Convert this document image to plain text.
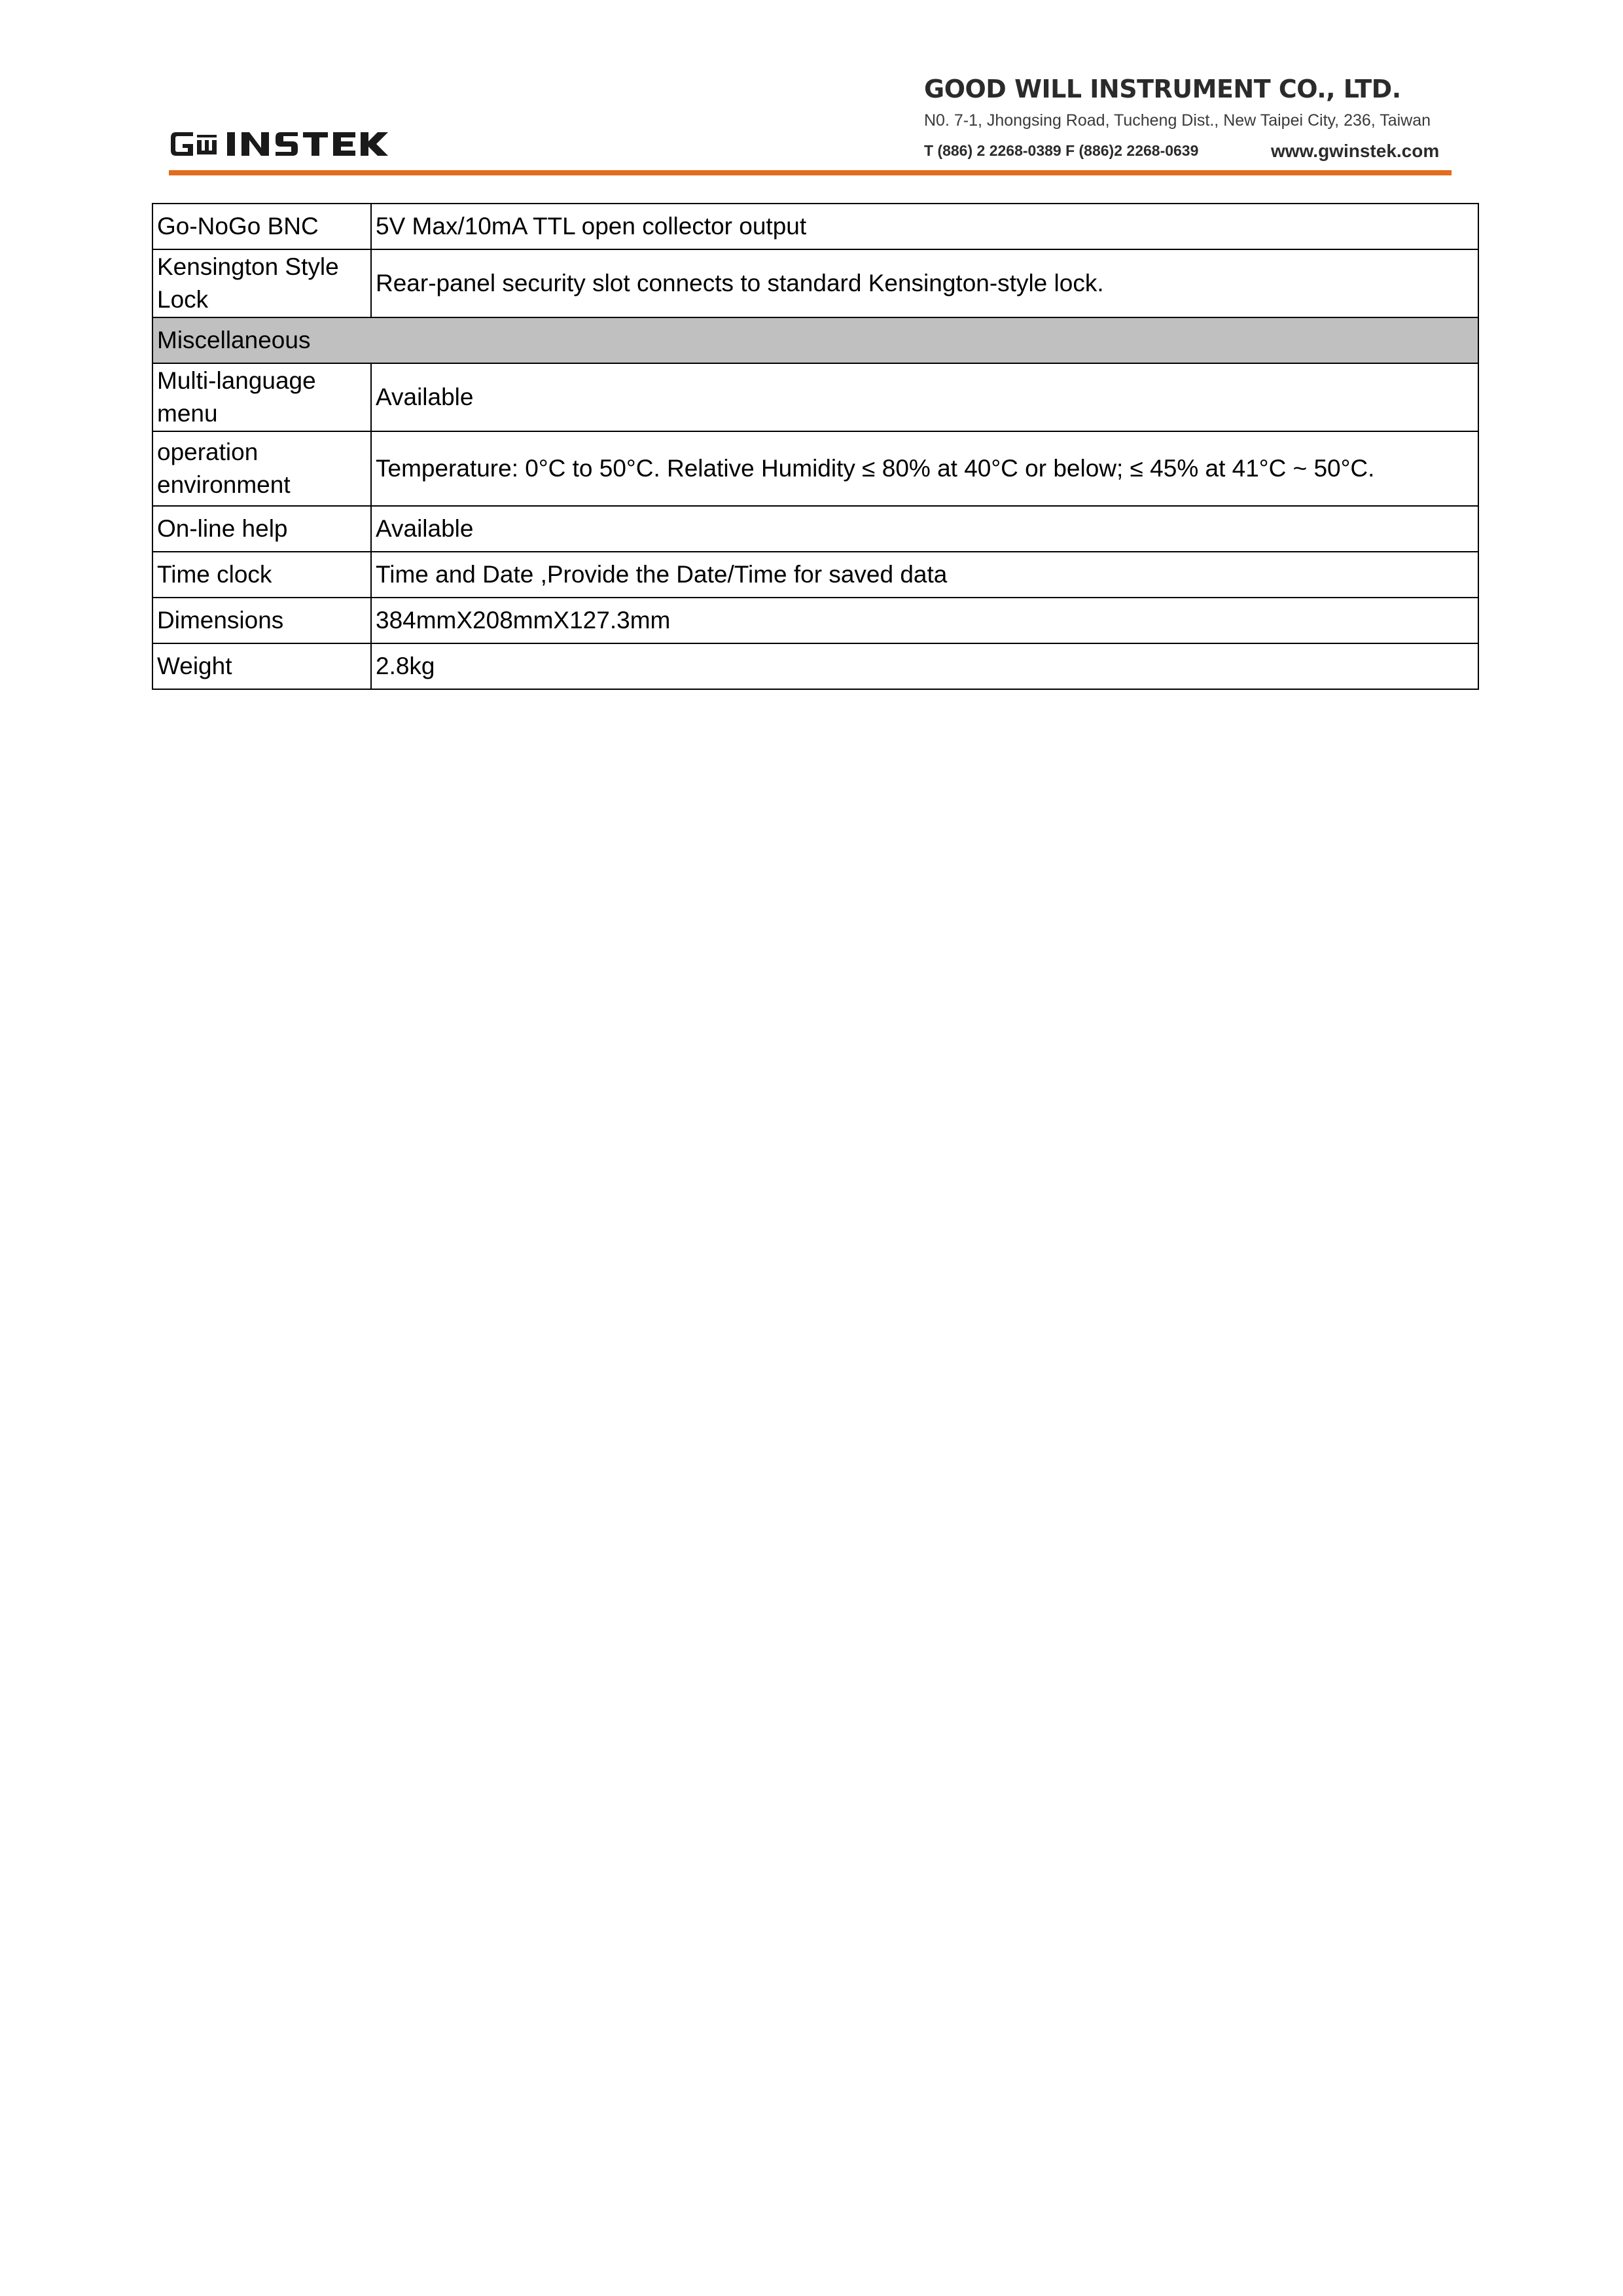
GOOD WILL INSTRUMENT CO., LTD.
N0. 7-1, Jhongsing Road, Tucheng Dist., New Taipei City, 236, Taiwan
T (886) 2 2268-0389 F (886)2 2268-0639	www.gwinstek.com
Go-NoGo BNC	5V Max/10mA TTL open collector output
Kensington Style Lock	Rear-panel security slot connects to standard Kensington-style lock.
Miscellaneous	
Multi-language menu	Available
operation environment	Temperature: 0°C to 50°C. Relative Humidity ≤ 80% at 40°C or below; ≤ 45% at 41°C ~ 50°C.
On-line help	Available
Time clock	Time and Date ,Provide the Date/Time for saved data
Dimensions	384mmX208mmX127.3mm
Weight	2.8kg
